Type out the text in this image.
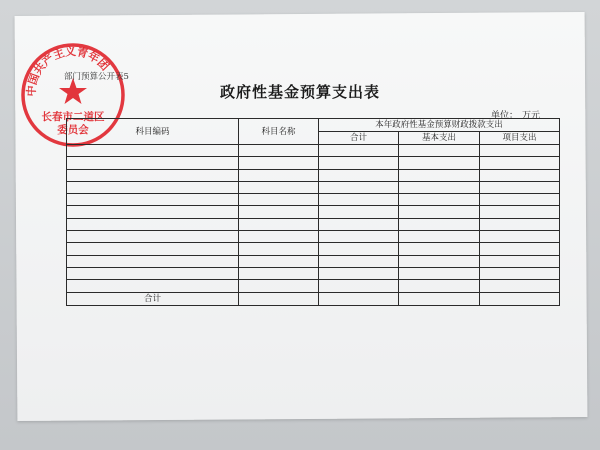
中国共产主义青年团
长春市二道区
委员会
部门预算公开表5
政府性基金预算支出表
单位： 万元
科目编码	科目名称	本年政府性基金预算财政拨款支出		
		合计	基本支出	项目支出

合计				
